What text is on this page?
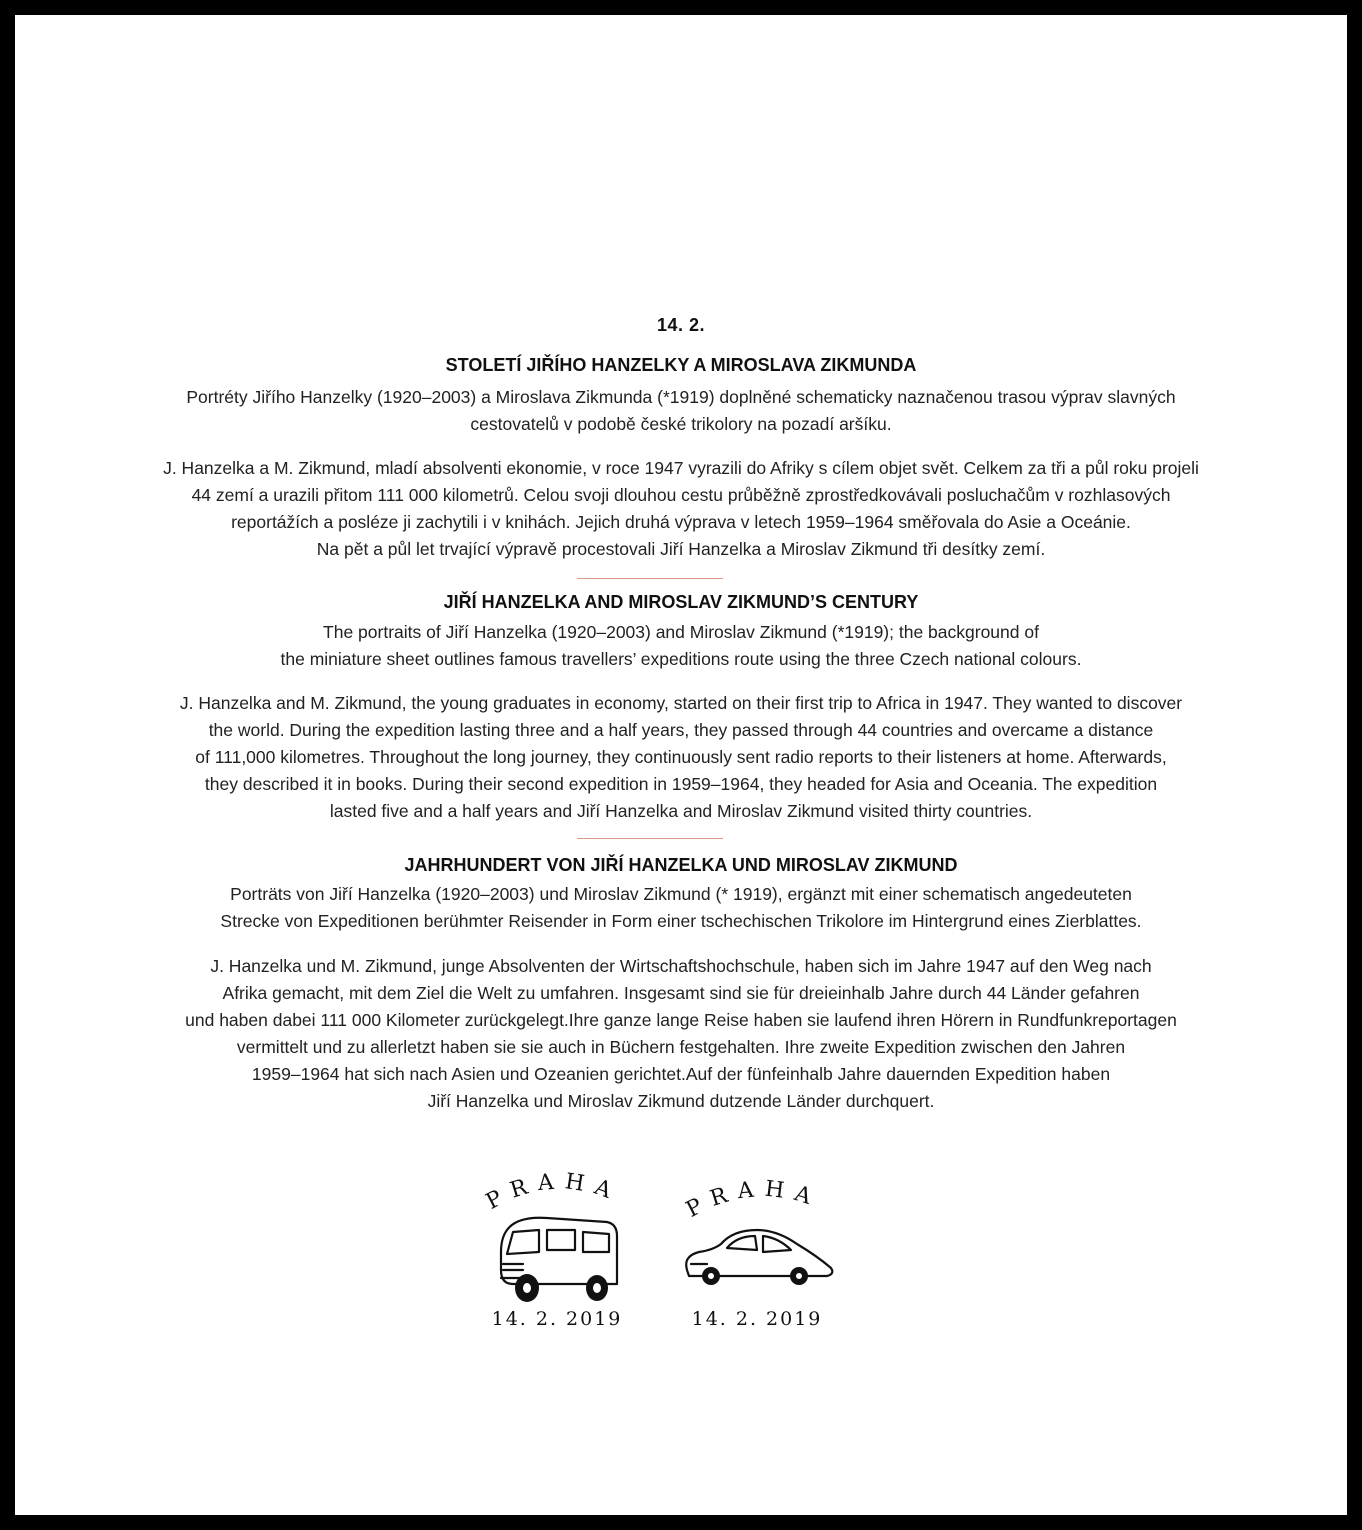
14. 2.
STOLETÍ JIŘÍHO HANZELKY A MIROSLAVA ZIKMUNDA
Portréty Jiřího Hanzelky (1920–2003) a Miroslava Zikmunda (*1919) doplněné schematicky naznačenou trasou výprav slavných
cestovatelů v podobě české trikolory na pozadí aršíku.
J. Hanzelka a M. Zikmund, mladí absolventi ekonomie, v roce 1947 vyrazili do Afriky s cílem objet svět. Celkem za tři a půl roku projeli
44 zemí a urazili přitom 111 000 kilometrů. Celou svoji dlouhou cestu průběžně zprostředkovávali posluchačům v rozhlasových
reportážích a posléze ji zachytili i v knihách. Jejich druhá výprava v letech 1959–1964 směřovala do Asie a Oceánie.
Na pět a půl let trvající výpravě procestovali Jiří Hanzelka a Miroslav Zikmund tři desítky zemí.
JIŘÍ HANZELKA AND MIROSLAV ZIKMUND’S CENTURY
The portraits of Jiří Hanzelka (1920–2003) and Miroslav Zikmund (*1919); the background of
the miniature sheet outlines famous travellers’ expeditions route using the three Czech national colours.
J. Hanzelka and M. Zikmund, the young graduates in economy, started on their first trip to Africa in 1947. They wanted to discover
the world. During the expedition lasting three and a half years, they passed through 44 countries and overcame a distance
of 111,000 kilometres. Throughout the long journey, they continuously sent radio reports to their listeners at home. Afterwards,
they described it in books. During their second expedition in 1959–1964, they headed for Asia and Oceania. The expedition
lasted five and a half years and Jiří Hanzelka and Miroslav Zikmund visited thirty countries.
JAHRHUNDERT VON JIŘÍ HANZELKA UND MIROSLAV ZIKMUND
Porträts von Jiří Hanzelka (1920–2003) und Miroslav Zikmund (* 1919), ergänzt mit einer schematisch angedeuteten
Strecke von Expeditionen berühmter Reisender in Form einer tschechischen Trikolore im Hintergrund eines Zierblattes.
J. Hanzelka und M. Zikmund, junge Absolventen der Wirtschaftshochschule, haben sich im Jahre 1947 auf den Weg nach
Afrika gemacht, mit dem Ziel die Welt zu umfahren. Insgesamt sind sie für dreieinhalb Jahre durch 44 Länder gefahren
und haben dabei 111 000 Kilometer zurückgelegt.Ihre ganze lange Reise haben sie laufend ihren Hörern in Rundfunkreportagen
vermittelt und zu allerletzt haben sie sie auch in Büchern festgehalten. Ihre zweite Expedition zwischen den Jahren
1959–1964 hat sich nach Asien und Ozeanien gerichtet.Auf der fünfeinhalb Jahre dauernden Expedition haben
Jiří Hanzelka und Miroslav Zikmund dutzende Länder durchquert.
PRAHA
14. 2. 2019
PRAHA
14. 2. 2019
